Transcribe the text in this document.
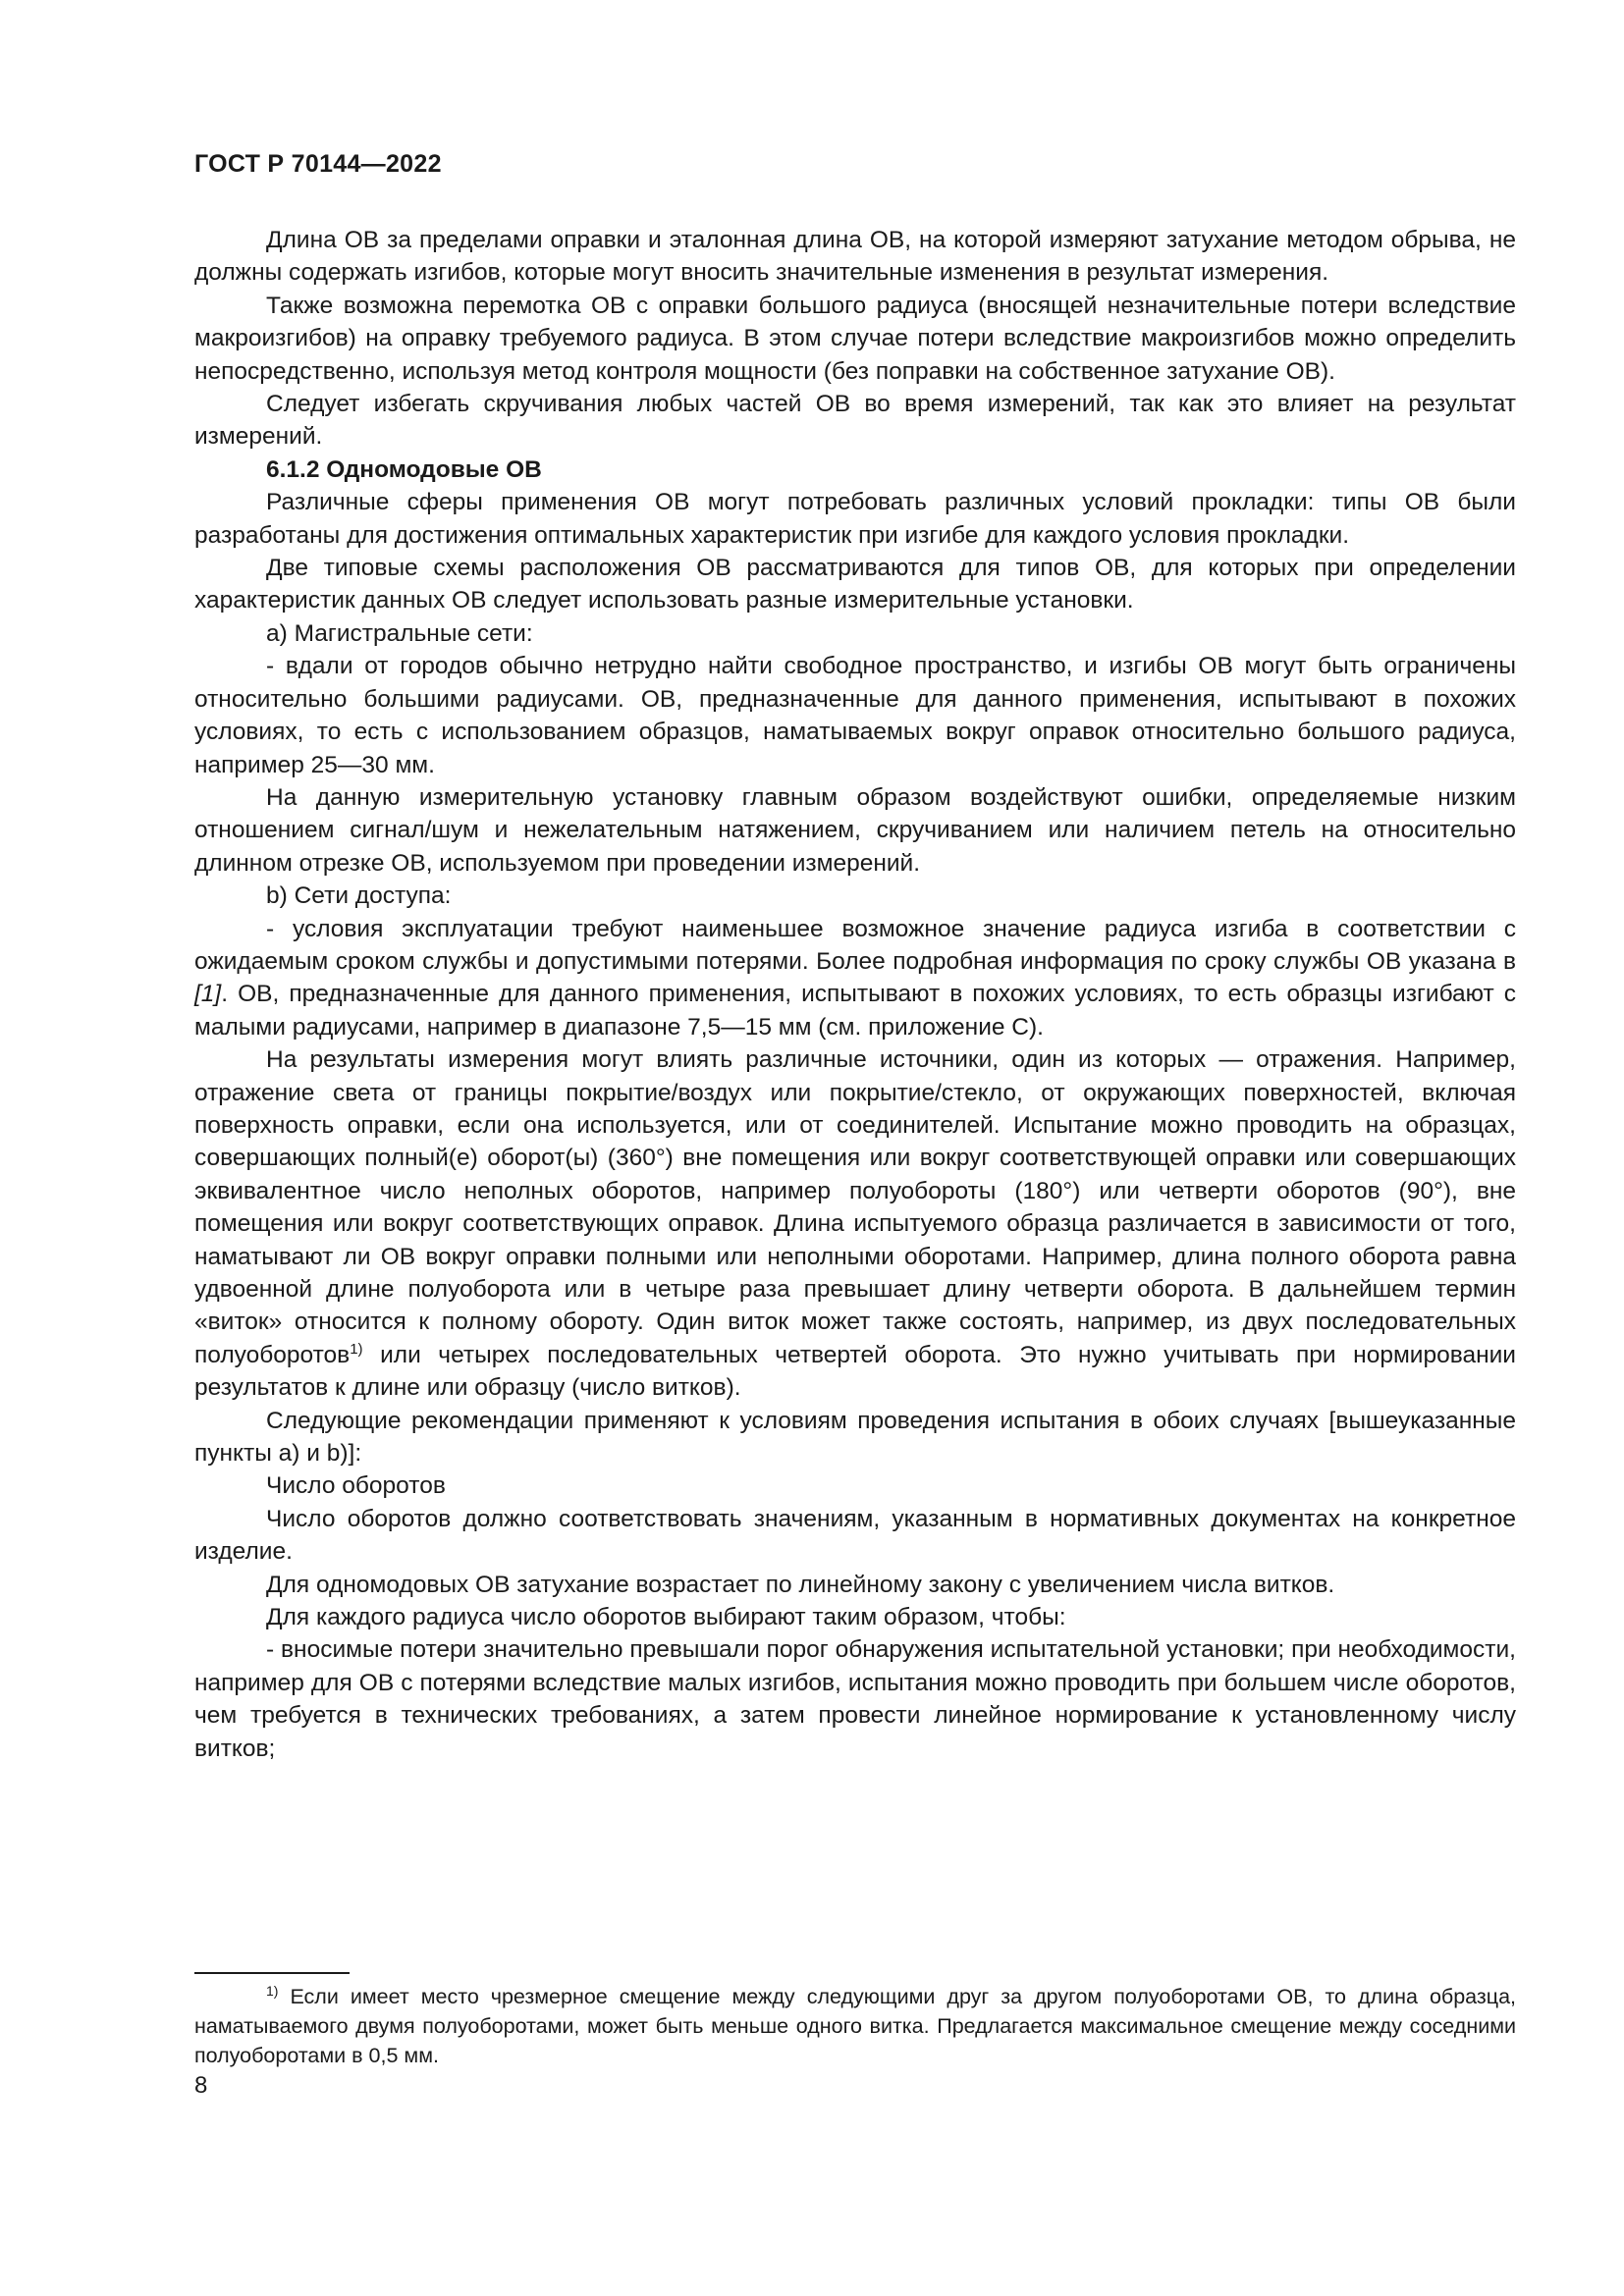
ГОСТ Р 70144—2022

Длина ОВ за пределами оправки и эталонная длина ОВ, на которой измеряют затухание методом обрыва, не должны содержать изгибов, которые могут вносить значительные изменения в результат измерения.

Также возможна перемотка ОВ с оправки большого радиуса (вносящей незначительные потери вследствие макроизгибов) на оправку требуемого радиуса. В этом случае потери вследствие макроизгибов можно определить непосредственно, используя метод контроля мощности (без поправки на собственное затухание ОВ).

Следует избегать скручивания любых частей ОВ во время измерений, так как это влияет на результат измерений.

6.1.2 Одномодовые ОВ

Различные сферы применения ОВ могут потребовать различных условий прокладки: типы ОВ были разработаны для достижения оптимальных характеристик при изгибе для каждого условия прокладки.

Две типовые схемы расположения ОВ рассматриваются для типов ОВ, для которых при определении характеристик данных ОВ следует использовать разные измерительные установки.

a) Магистральные сети:

- вдали от городов обычно нетрудно найти свободное пространство, и изгибы ОВ могут быть ограничены относительно большими радиусами. ОВ, предназначенные для данного применения, испытывают в похожих условиях, то есть с использованием образцов, наматываемых вокруг оправок относительно большого радиуса, например 25—30 мм.

На данную измерительную установку главным образом воздействуют ошибки, определяемые низким отношением сигнал/шум и нежелательным натяжением, скручиванием или наличием петель на относительно длинном отрезке ОВ, используемом при проведении измерений.

b) Сети доступа:

- условия эксплуатации требуют наименьшее возможное значение радиуса изгиба в соответствии с ожидаемым сроком службы и допустимыми потерями. Более подробная информация по сроку службы ОВ указана в [1]. ОВ, предназначенные для данного применения, испытывают в похожих условиях, то есть образцы изгибают с малыми радиусами, например в диапазоне 7,5—15 мм (см. приложение С).

На результаты измерения могут влиять различные источники, один из которых — отражения. Например, отражение света от границы покрытие/воздух или покрытие/стекло, от окружающих поверхностей, включая поверхность оправки, если она используется, или от соединителей. Испытание можно проводить на образцах, совершающих полный(е) оборот(ы) (360°) вне помещения или вокруг соответствующей оправки или совершающих эквивалентное число неполных оборотов, например полуобороты (180°) или четверти оборотов (90°), вне помещения или вокруг соответствующих оправок. Длина испытуемого образца различается в зависимости от того, наматывают ли ОВ вокруг оправки полными или неполными оборотами. Например, длина полного оборота равна удвоенной длине полуоборота или в четыре раза превышает длину четверти оборота. В дальнейшем термин «виток» относится к полному обороту. Один виток может также состоять, например, из двух последовательных полуоборотов$^{1)}$ или четырех последовательных четвертей оборота. Это нужно учитывать при нормировании результатов к длине или образцу (число витков).

Следующие рекомендации применяют к условиям проведения испытания в обоих случаях [вышеуказанные пункты a) и b)]:

Число оборотов

Число оборотов должно соответствовать значениям, указанным в нормативных документах на конкретное изделие.

Для одномодовых ОВ затухание возрастает по линейному закону с увеличением числа витков.

Для каждого радиуса число оборотов выбирают таким образом, чтобы:

- вносимые потери значительно превышали порог обнаружения испытательной установки; при необходимости, например для ОВ с потерями вследствие малых изгибов, испытания можно проводить при большем числе оборотов, чем требуется в технических требованиях, а затем провести линейное нормирование к установленному числу витков;

$^{1)}$ Если имеет место чрезмерное смещение между следующими друг за другом полуоборотами ОВ, то длина образца, наматываемого двумя полуоборотами, может быть меньше одного витка. Предлагается максимальное смещение между соседними полуоборотами в 0,5 мм.

8
